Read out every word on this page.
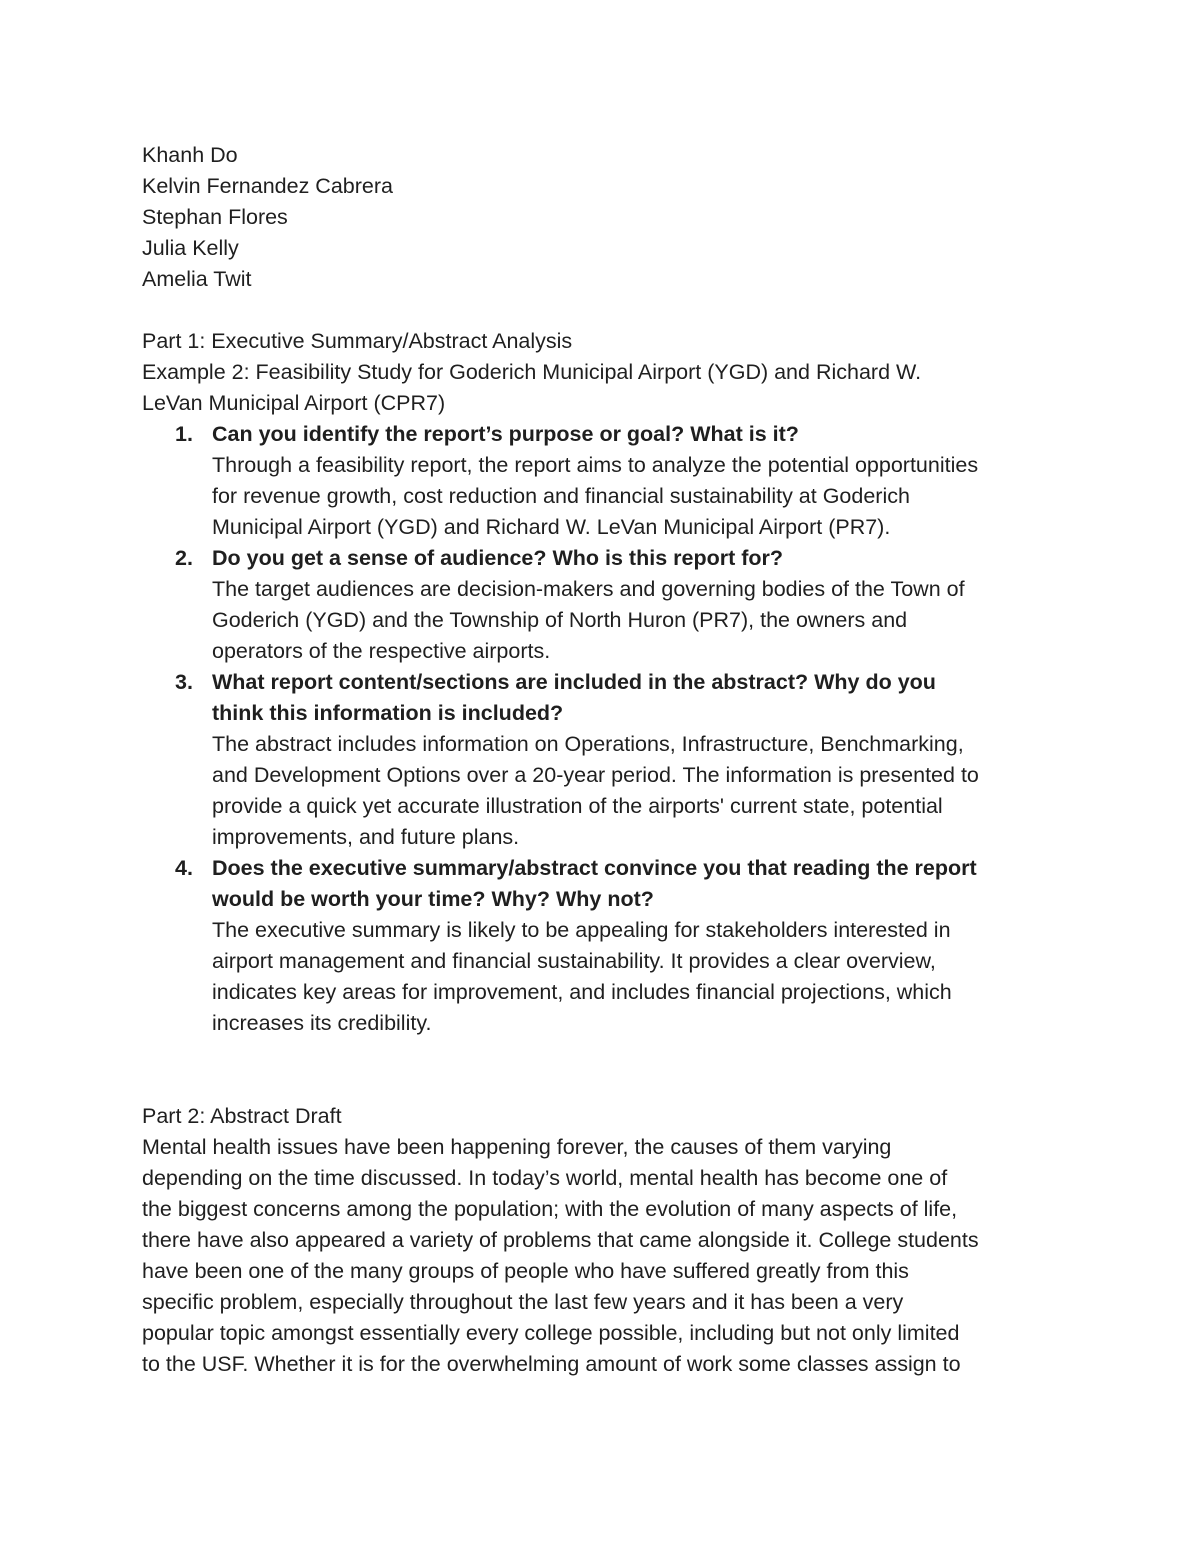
Khanh Do
Kelvin Fernandez Cabrera
Stephan Flores
Julia Kelly
Amelia Twit
Part 1: Executive Summary/Abstract Analysis
Example 2: Feasibility Study for Goderich Municipal Airport (YGD) and Richard W.
LeVan Municipal Airport (CPR7)
1. Can you identify the report’s purpose or goal? What is it?
Through a feasibility report, the report aims to analyze the potential opportunities
for revenue growth, cost reduction and financial sustainability at Goderich
Municipal Airport (YGD) and Richard W. LeVan Municipal Airport (PR7).
2. Do you get a sense of audience? Who is this report for?
The target audiences are decision-makers and governing bodies of the Town of
Goderich (YGD) and the Township of North Huron (PR7), the owners and
operators of the respective airports.
3. What report content/sections are included in the abstract? Why do you
think this information is included?
The abstract includes information on Operations, Infrastructure, Benchmarking,
and Development Options over a 20-year period. The information is presented to
provide a quick yet accurate illustration of the airports' current state, potential
improvements, and future plans.
4. Does the executive summary/abstract convince you that reading the report
would be worth your time? Why? Why not?
The executive summary is likely to be appealing for stakeholders interested in
airport management and financial sustainability. It provides a clear overview,
indicates key areas for improvement, and includes financial projections, which
increases its credibility.
Part 2: Abstract Draft
Mental health issues have been happening forever, the causes of them varying
depending on the time discussed. In today’s world, mental health has become one of
the biggest concerns among the population; with the evolution of many aspects of life,
there have also appeared a variety of problems that came alongside it. College students
have been one of the many groups of people who have suffered greatly from this
specific problem, especially throughout the last few years and it has been a very
popular topic amongst essentially every college possible, including but not only limited
to the USF. Whether it is for the overwhelming amount of work some classes assign to
